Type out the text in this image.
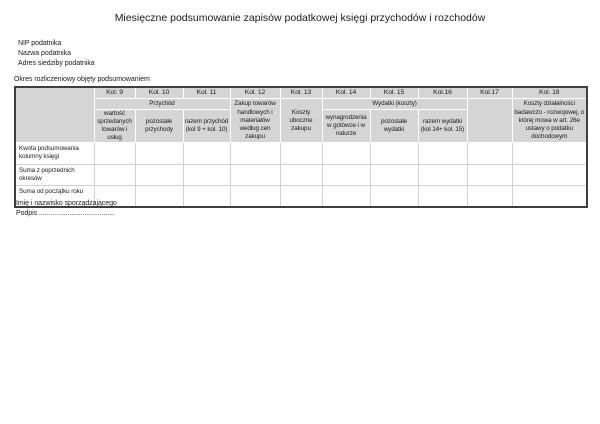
Miesięczne podsumowanie zapisów podatkowej księgi przychodów i rozchodów
NIP podatnika
Nazwa podatnika
Adres siedziby podatnika
Okres rozliczeniowy objęty podsumowaniem
	Kol. 9	Kol. 10	Kol. 11	Kol. 12	Kol. 13	Kol. 14	Kol. 15	Kol.16	Kol.17	Kol. 18
	Przychód			Zakup towarów handlowych i materiałów według cen zakupu	Koszty uboczne zakupu	Wydatki (koszty)				Koszty działalności badawczo - rozwojowej, o której mowa w art. 26e ustawy o podatku dochodowym
	wartość sprzedanych towarów i usług	pozostałe przychody	razem przychód (kol 9 + kol. 10)			wynagrodzenia w gotówce i w naturze	pozostałe wydatki	razem wydatki (kol 14+ kol. 15)		
Kwota podsumowania kolumny księgi										
Suma z poprzednich okresów										
Suma od początku roku										
Imię i nazwisko sporządzającego
Podpis ........................................
